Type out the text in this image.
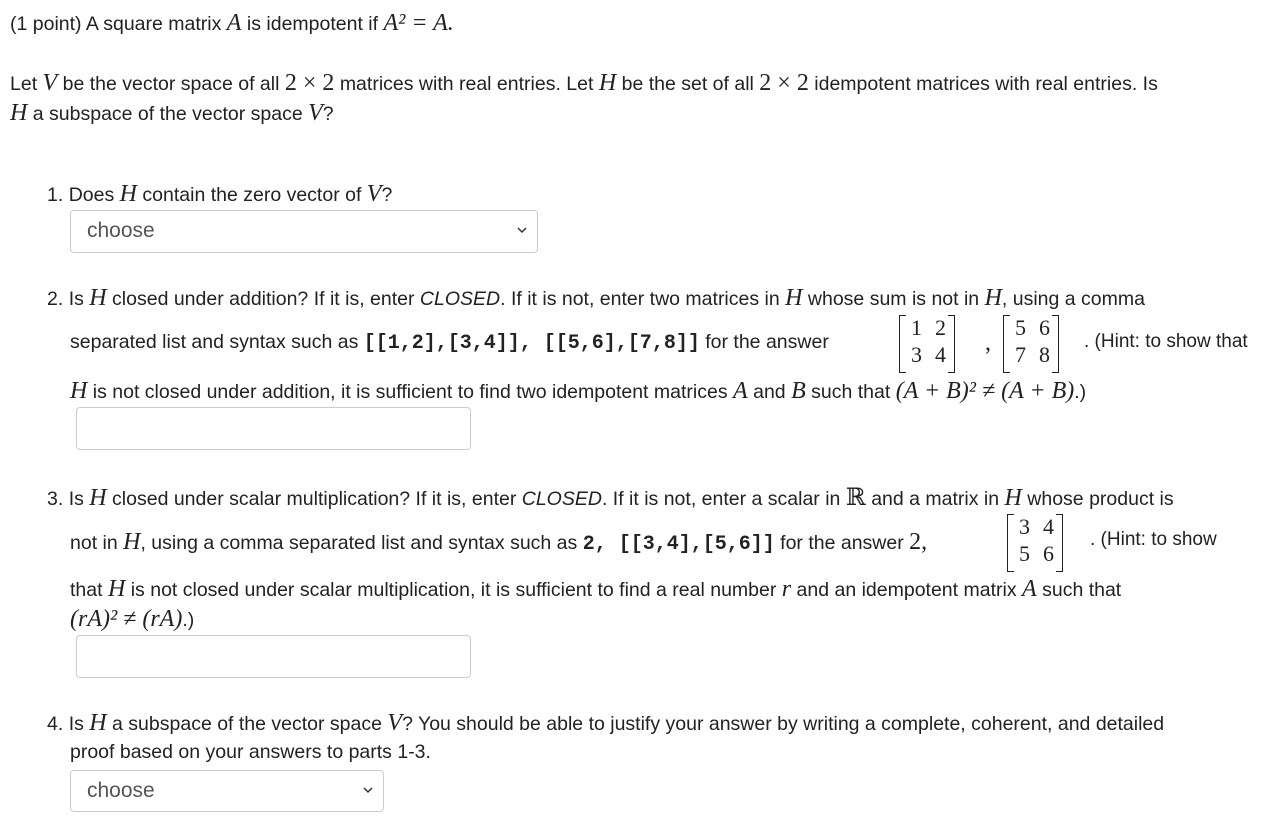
(1 point) A square matrix A is idempotent if A² = A.
Let V be the vector space of all 2 × 2 matrices with real entries. Let H be the set of all 2 × 2 idempotent matrices with real entries. Is
H a subspace of the vector space V?
1. Does H contain the zero vector of V?
choose
2. Is H closed under addition? If it is, enter CLOSED. If it is not, enter two matrices in H whose sum is not in H, using a comma
separated list and syntax such as [[1,2],[3,4]], [[5,6],[7,8]] for the answer
1 2
3 4 ,
5 6
7 8
. (Hint: to show that
H is not closed under addition, it is sufficient to find two idempotent matrices A and B such that (A + B)² ≠ (A + B).)
3. Is H closed under scalar multiplication? If it is, enter CLOSED. If it is not, enter a scalar in ℝ and a matrix in H whose product is
not in H, using a comma separated list and syntax such as 2, [[3,4],[5,6]] for the answer 2,
3 4
5 6
. (Hint: to show
that H is not closed under scalar multiplication, it is sufficient to find a real number r and an idempotent matrix A such that
(rA)² ≠ (rA).)
4. Is H a subspace of the vector space V? You should be able to justify your answer by writing a complete, coherent, and detailed
proof based on your answers to parts 1-3.
choose
